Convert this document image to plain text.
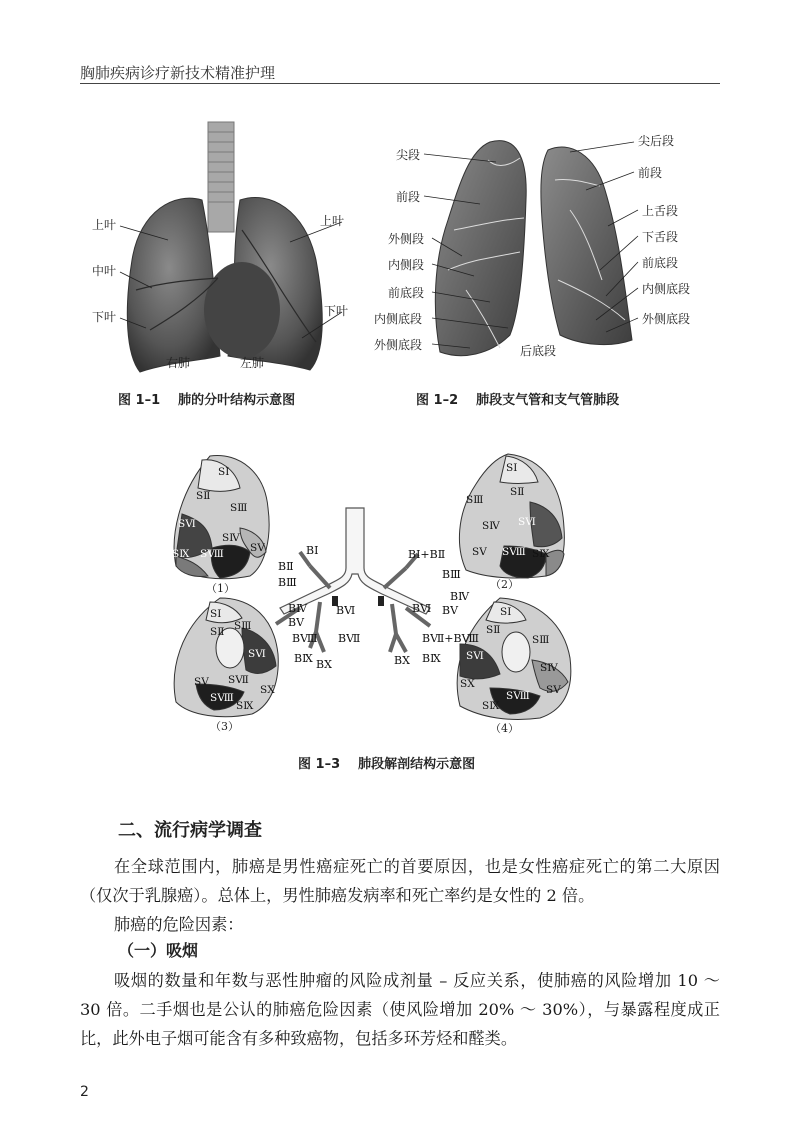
胸肺疾病诊疗新技术精准护理
上叶
中叶
下叶
上叶
下叶
右肺	左肺
图 1–1 肺的分叶结构示意图
尖段
前段
外侧段
内侧段
前底段
内侧底段
外侧底段	后底段
尖后段
前段
上舌段
下舌段
前底段
内侧底段
外侧底段
图 1–2 肺段支气管和支气管肺段
SⅠ
SⅡ
SⅢ
SⅥ
SⅣ
SⅤ
SⅨ SⅧ
（1）
SⅠ
SⅢ
SⅡ
SⅥ
SⅣ
SⅤ SⅧ SⅨ
（2）
SⅠ
SⅡ SⅢ
SⅥ
SⅤ SⅦ
SⅩ
SⅧ
SⅨ
（3）
SⅠ
SⅡ
SⅢ
SⅥ
SⅣ
SⅩ	SⅤ
SⅧ
SⅨ
（4）
BⅠ
BⅡ
BⅢ
BⅣ
BⅤ
BⅥ
BⅧ BⅦ
BⅨ BⅩ
BⅠ+BⅡ
BⅢ
BⅣ
BⅥ BⅤ
BⅦ+BⅧ
BⅩ BⅨ
图 1–3 肺段解剖结构示意图
二、流行病学调查

在全球范围内，肺癌是男性癌症死亡的首要原因，也是女性癌症死亡的第二大原因（仅次于乳腺癌）。总体上，男性肺癌发病率和死亡率约是女性的 2 倍。

肺癌的危险因素：

（一）吸烟

吸烟的数量和年数与恶性肿瘤的风险成剂量 – 反应关系，使肺癌的风险增加 10 ～ 30 倍。二手烟也是公认的肺癌危险因素（使风险增加 20% ～ 30%），与暴露程度成正比，此外电子烟可能含有多种致癌物，包括多环芳烃和醛类。

2
